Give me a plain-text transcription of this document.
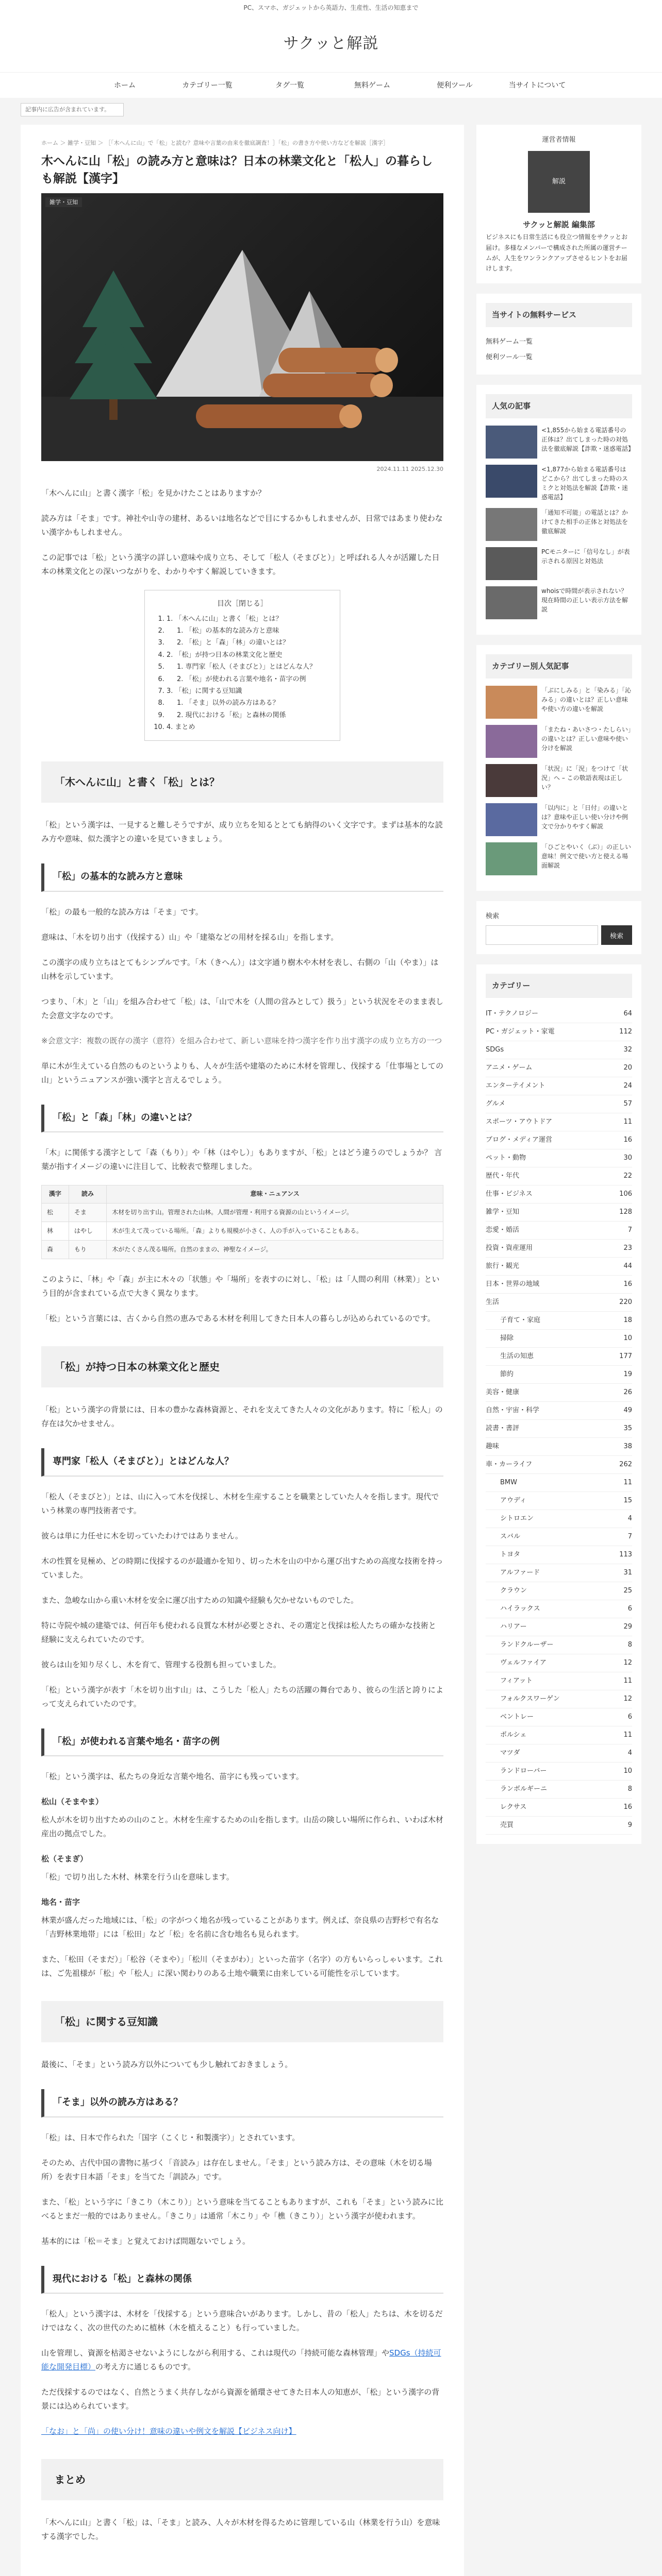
PC、スマホ、ガジェットから英語力、生産性、生活の知恵まで
サクッと解説
ホーム	カテゴリー一覧	タグ一覧	無料ゲーム	便利ツール	当サイトについて
記事内に広告が含まれています。
ホーム ＞ 雑学・豆知 ＞ ［「木へんに山」で「松」と読む？意味や言葉の由来を徹底調査！］「松」の書き方や使い方などを解説［漢字］
木へんに山「松」の読み方と意味は？日本の林業文化と「松人」の暮らしも解説【漢字】
雑学・豆知
2024.11.11 2025.12.30

「木へんに山」と書く漢字「松」を見かけたことはありますか？

読み方は「そま」です。神社や山寺の建材、あるいは地名などで目にするかもしれませんが、日常ではあまり使わない漢字かもしれません。

この記事では「松」という漢字の詳しい意味や成り立ち、そして「松人（そまびと）」と呼ばれる人々が活躍した日本の林業文化との深いつながりを、わかりやすく解説していきます。

目次［閉じる］
1. 1. 「木へんに山」と書く「松」とは？
2. 1. 「松」の基本的な読み方と意味
3. 2. 「松」と「森」「林」の違いとは？
4. 2. 「松」が持つ日本の林業文化と歴史
5. 1. 専門家「松人（そまびと）」とはどんな人？
6. 2. 「松」が使われる言葉や地名・苗字の例
7. 3. 「松」に関する豆知識
8. 1. 「そま」以外の読み方はある？
9. 2. 現代における「松」と森林の関係
10. 4. まとめ
「木へんに山」と書く「松」とは？

「松」という漢字は、一見すると難しそうですが、成り立ちを知るととても納得のいく文字です。まずは基本的な読み方や意味、似た漢字との違いを見ていきましょう。

「松」の基本的な読み方と意味

「松」の最も一般的な読み方は「そま」です。

意味は、「木を切り出す（伐採する）山」や「建築などの用材を採る山」を指します。

この漢字の成り立ちはとてもシンプルです。「木（きへん）」は文字通り樹木や木材を表し、右側の「山（やま）」は山林を示しています。

つまり、「木」と「山」を組み合わせて「松」は、「山で木を（人間の営みとして）扱う」という状況をそのまま表した会意文字なのです。

※会意文字：複数の既存の漢字（意符）を組み合わせて、新しい意味を持つ漢字を作り出す漢字の成り立ち方の一つ

単に木が生えている自然のものというよりも、人々が生活や建築のために木材を管理し、伐採する「仕事場としての山」というニュアンスが強い漢字と言えるでしょう。

「松」と「森」「林」の違いとは？

「木」に関係する漢字として「森（もり）」や「林（はやし）」もありますが、「松」とはどう違うのでしょうか？ 言葉が指すイメージの違いに注目して、比較表で整理しました。

漢字	読み	意味・ニュアンス
松	そま	木材を切り出す山。管理された山林。人間が管理・利用する資源の山というイメージ。
林	はやし	木が生えて茂っている場所。「森」よりも規模が小さく、人の手が入っていることもある。
森	もり	木がたくさん茂る場所。自然のままの、神聖なイメージ。

このように、「林」や「森」が主に木々の「状態」や「場所」を表すのに対し、「松」は「人間の利用（林業）」という目的が含まれている点で大きく異なります。

「松」という言葉には、古くから自然の恵みである木材を利用してきた日本人の暮らしが込められているのです。

「松」が持つ日本の林業文化と歴史

「松」という漢字の背景には、日本の豊かな森林資源と、それを支えてきた人々の文化があります。特に「松人」の存在は欠かせません。

専門家「松人（そまびと）」とはどんな人？

「松人（そまびと）」とは、山に入って木を伐採し、木材を生産することを職業としていた人々を指します。現代でいう林業の専門技術者です。

彼らは単に力任せに木を切っていたわけではありません。

木の性質を見極め、どの時期に伐採するのが最適かを知り、切った木を山の中から運び出すための高度な技術を持っていました。

また、急峻な山から重い木材を安全に運び出すための知識や経験も欠かせないものでした。

特に寺院や城の建築では、何百年も使われる良質な木材が必要とされ、その選定と伐採は松人たちの確かな技術と経験に支えられていたのです。

彼らは山を知り尽くし、木を育て、管理する役割も担っていました。

「松」という漢字が表す「木を切り出す山」は、こうした「松人」たちの活躍の舞台であり、彼らの生活と誇りによって支えられていたのです。

「松」が使われる言葉や地名・苗字の例

「松」という漢字は、私たちの身近な言葉や地名、苗字にも残っています。

松山（そまやま）

松人が木を切り出すための山のこと。木材を生産するための山を指します。山岳の険しい場所に作られ、いわば木材産出の拠点でした。

松（そまぎ）

「松」で切り出した木材、林業を行う山を意味します。

地名・苗字

林業が盛んだった地域には、「松」の字がつく地名が残っていることがあります。例えば、奈良県の吉野杉で有名な「吉野林業地帯」には「松田」など「松」を名前に含む地名も見られます。

また、「松田（そまだ）」「松谷（そまや）」「松川（そまがわ）」といった苗字（名字）の方もいらっしゃいます。これは、ご先祖様が「松」や「松人」に深い関わりのある土地や職業に由来している可能性を示しています。

「松」に関する豆知識

最後に、「そま」という読み方以外についても少し触れておきましょう。

「そま」以外の読み方はある？

「松」は、日本で作られた「国字（こくじ・和製漢字）」とされています。

そのため、古代中国の書物に基づく「音読み」は存在しません。「そま」という読み方は、その意味（木を切る場所）を表す日本語「そま」を当てた「訓読み」です。

また、「松」という字に「きこり（木こり）」という意味を当てることもありますが、これも「そま」という読みに比べるとまだ一般的ではありません。「きこり」は通常「木こり」や「樵（きこり）」という漢字が使われます。

基本的には「松＝そま」と覚えておけば問題ないでしょう。

現代における「松」と森林の関係

「松人」という漢字は、木材を「伐採する」という意味合いがあります。しかし、昔の「松人」たちは、木を切るだけではなく、次の世代のために植林（木を植えること）も行っていました。

山を管理し、資源を枯渇させないようにしながら利用する、これは現代の「持続可能な森林管理」やSDGs（持続可能な開発目標）の考え方に通じるものです。

ただ伐採するのではなく、自然とうまく共存しながら資源を循環させてきた日本人の知恵が、「松」という漢字の背景には込められています。

「なお」と「尚」の使い分け！意味の違いや例文を解説【ビジネス向け】

まとめ

「木へんに山」と書く「松」は、「そま」と読み、人々が木材を得るために管理している山（林業を行う山）を意味する漢字でした。

運営者情報
解説
サクッと解説 編集部
ビジネスにも日常生活にも役立つ情報をサクッとお届け。多様なメンバーで構成された所属の運営チームが、人生をワンランクアップさせるヒントをお届けします。
当サイトの無料サービス
無料ゲーム一覧
便利ツール一覧
人気の記事
<1,855から始まる電話番号の正体は？出てしまった時の対処法を徹底解説【詐欺・迷惑電話】
<1,877から始まる電話番号はどこから？出てしまった時のスミクと対処法を解説【詐欺・迷惑電話】
「通知不可能」の電話とは？かけてきた相手の正体と対処法を徹底解説
PCモニターに「信号なし」が表示される原因と対処法
whoisで時間が表示されない？現在時間の正しい表示方法を解説
カテゴリー別人気記事
「ぶにしみる」と「染みる」「沁みる」の違いとは？正しい意味や使い方の違いを解説
「またね・あいさつ・たしらい」の違いとは？正しい意味や使い分けを解説
「状況」に「況」をつけて「状況」へ – この敬語表現は正しい？
「以内に」と「日付」の違いとは？意味や正しい使い分けや例文で分かりやすく解説
「ひごとやいく（ぶ）」の正しい意味！例文で使い方と使える場面解説
検索
検索
カテゴリー
IT・テクノロジー	64
PC・ガジェット・家電	112
SDGs	32
アニメ・ゲーム	20
エンターテイメント	24
グルメ	57
スポーツ・アウトドア	11
ブログ・メディア運営	16
ペット・動物	30
歴代・年代	22
仕事・ビジネス	106
雑学・豆知	128
恋愛・婚活	7
投資・資産運用	23
旅行・観光	44
日本・世界の地域	16
生活	220
子育て・家庭	18
掃除	10
生活の知恵	177
節約	19
美容・健康	26
自然・宇宙・科学	49
読書・書評	35
趣味	38
車・カーライフ	262
BMW	11
アウディ	15
シトロエン	4
スバル	7
トヨタ	113
アルファード	31
クラウン	25
ハイラックス	6
ハリアー	29
ランドクルーザー	8
ヴェルファイア	12
フィアット	11
フォルクスワーゲン	12
ベントレー	6
ポルシェ	11
マツダ	4
ランドローバー	10
ランボルギーニ	8
レクサス	16
売買	9
